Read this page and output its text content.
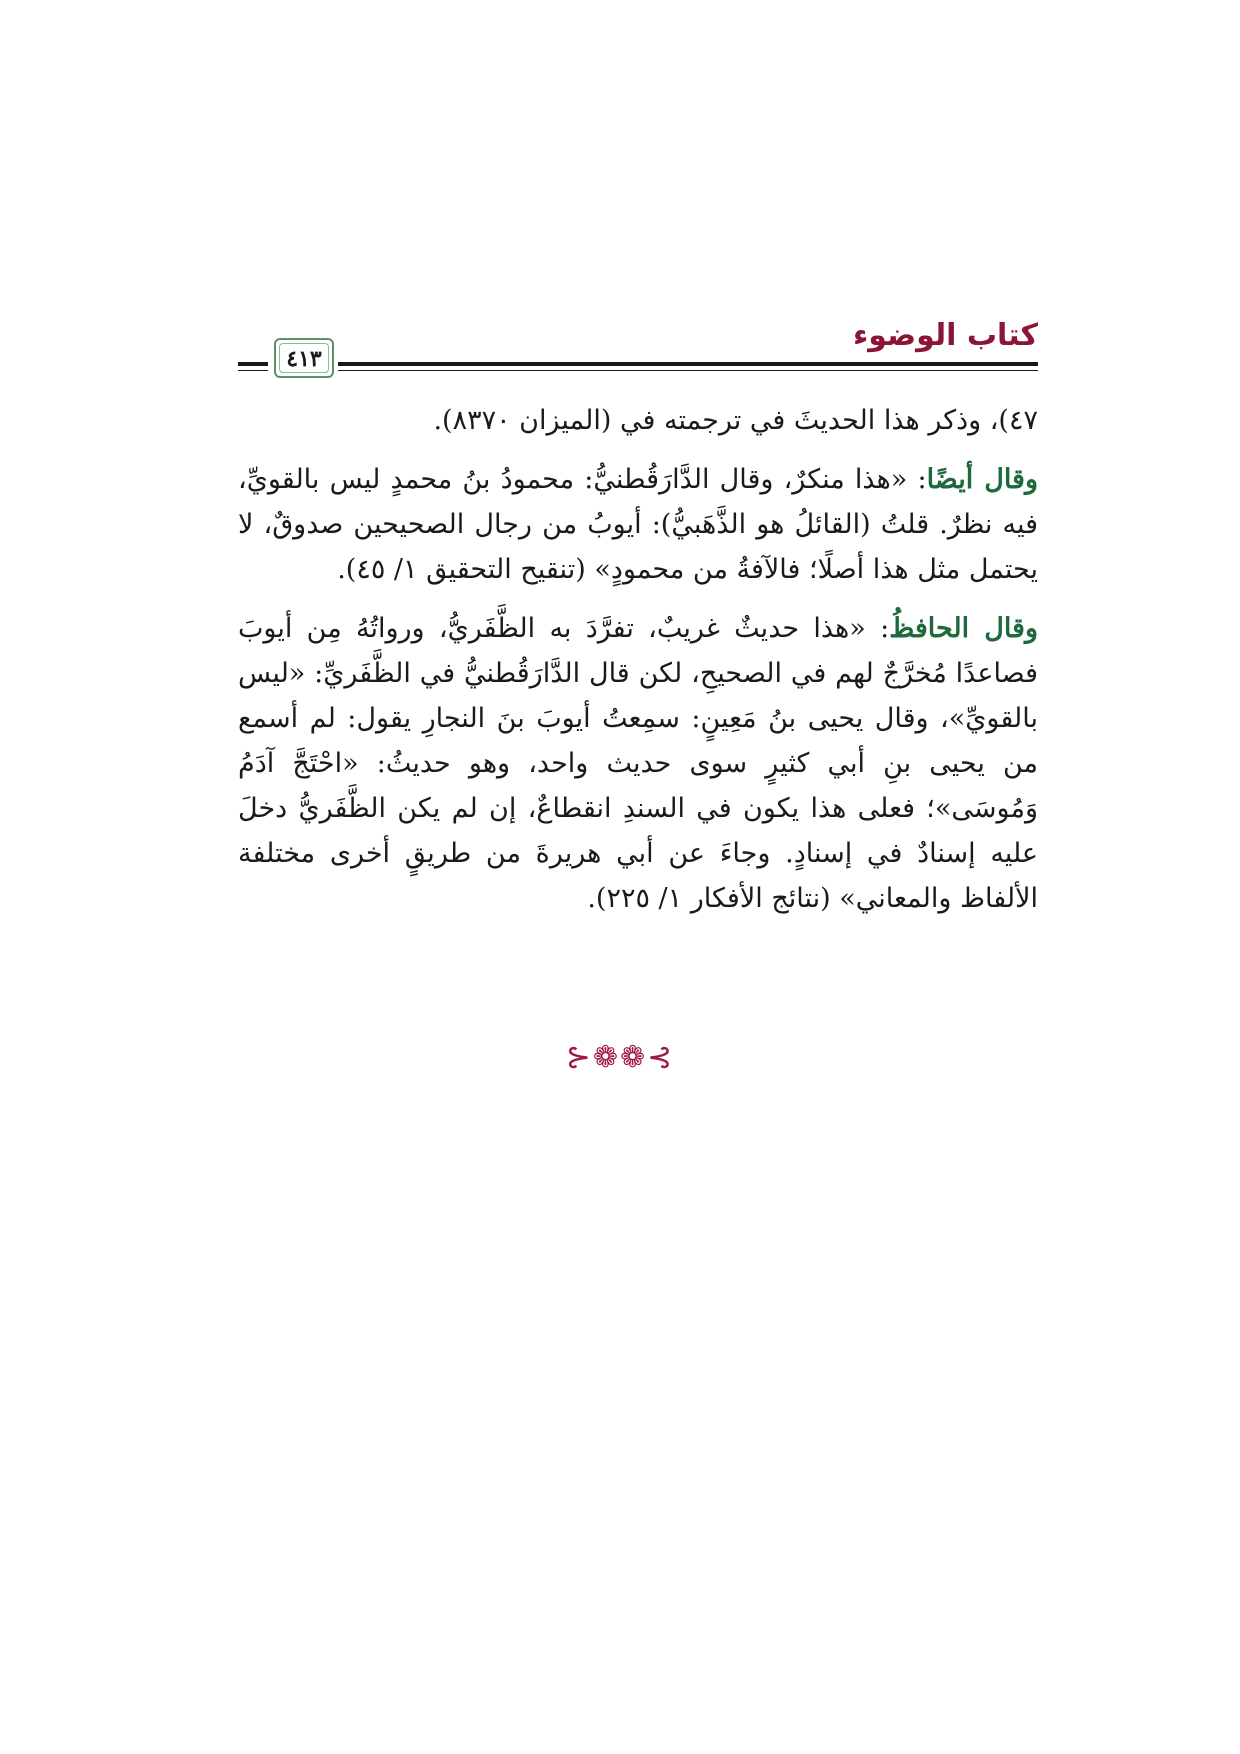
كتاب الوضوء
٤١٣

٤٧)، وذكر هذا الحديثَ في ترجمته في (الميزان ٨٣٧٠).

وقال أيضًا: «هذا منكرٌ، وقال الدَّارَقُطنيُّ: محمودُ بنُ محمدٍ ليس بالقويِّ، فيه نظرٌ. قلتُ (القائلُ هو الذَّهَبيُّ): أيوبُ من رجال الصحيحين صدوقٌ، لا يحتمل مثل هذا أصلًا؛ فالآفةُ من محمودٍ» (تنقيح التحقيق ١/ ٤٥).

وقال الحافظُ: «هذا حديثٌ غريبٌ، تفرَّدَ به الظَّفَريُّ، ورواتُهُ مِن أيوبَ فصاعدًا مُخرَّجٌ لهم في الصحيحِ، لكن قال الدَّارَقُطنيُّ في الظَّفَريِّ: «ليس بالقويِّ»، وقال يحيى بنُ مَعِينٍ: سمِعتُ أيوبَ بنَ النجارِ يقول: لم أسمع من يحيى بنِ أبي كثيرٍ سوى حديث واحد، وهو حديثُ: «احْتَجَّ آدَمُ وَمُوسَى»؛ فعلى هذا يكون في السندِ انقطاعٌ، إن لم يكن الظَّفَريُّ دخلَ عليه إسنادٌ في إسنادٍ. وجاءَ عن أبي هريرةَ من طريقٍ أخرى مختلفة الألفاظ والمعاني» (نتائج الأفكار ١/ ٢٢٥).

⊱❁❁⊰
